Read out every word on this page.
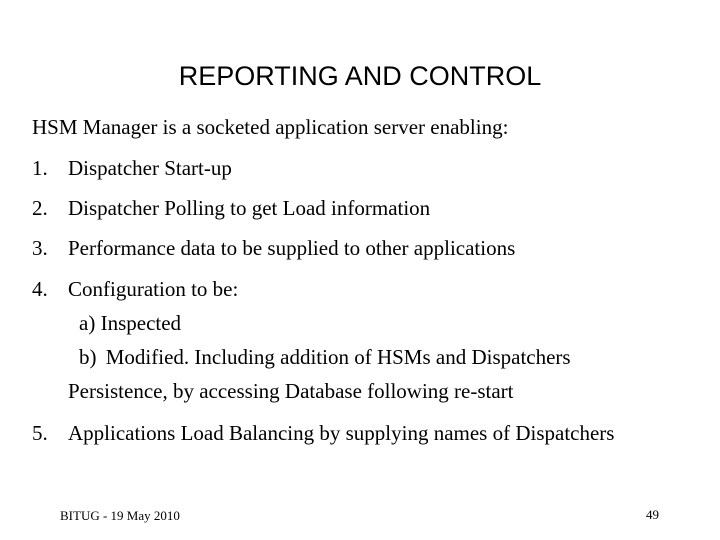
REPORTING AND CONTROL
HSM Manager is a socketed application server enabling:
1. Dispatcher Start-up
2. Dispatcher Polling to get Load information
3. Performance data to be supplied to other applications
4. Configuration to be:
a) Inspected
b) Modified. Including addition of HSMs and Dispatchers
Persistence, by accessing Database following re-start
5. Applications Load Balancing by supplying names of Dispatchers
BITUG - 19 May 2010	49
